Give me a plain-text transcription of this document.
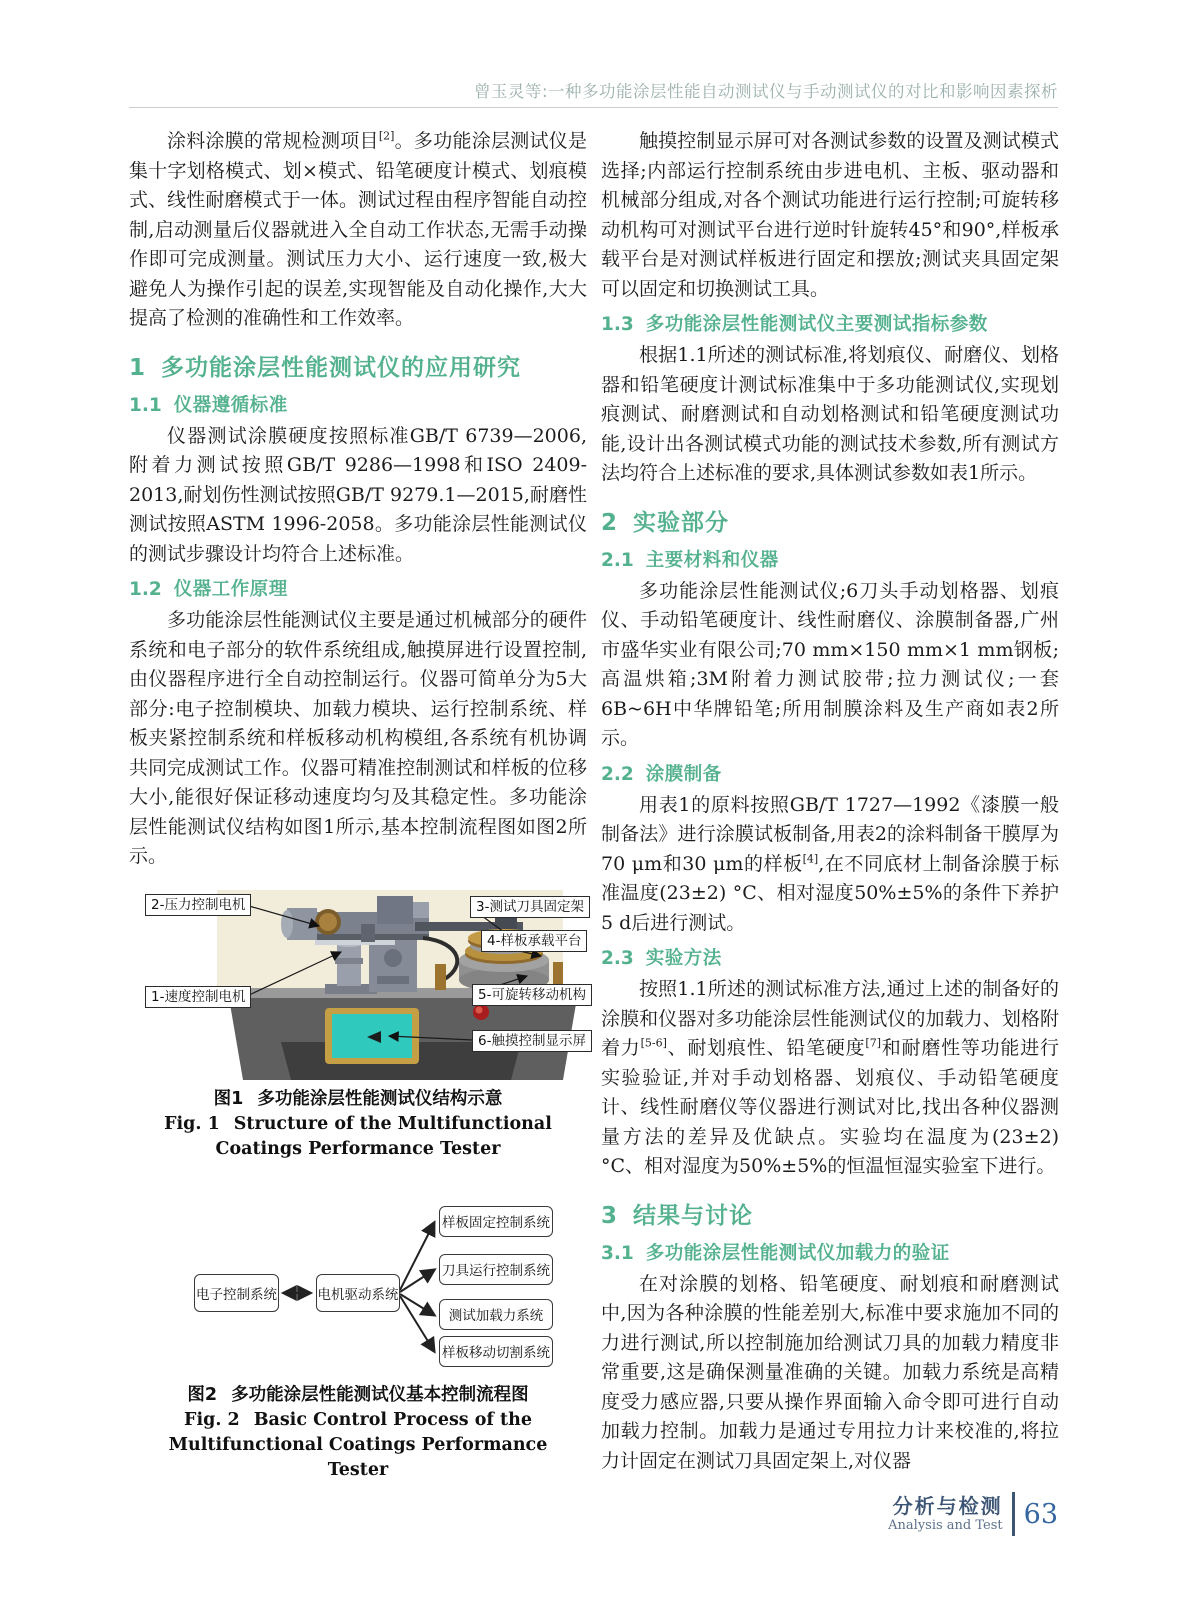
曾玉灵等:一种多功能涂层性能自动测试仪与手动测试仪的对比和影响因素探析

涂料涂膜的常规检测项目[2]。多功能涂层测试仪是集十字划格模式、划×模式、铅笔硬度计模式、划痕模式、线性耐磨模式于一体。测试过程由程序智能自动控制,启动测量后仪器就进入全自动工作状态,无需手动操作即可完成测量。测试压力大小、运行速度一致,极大避免人为操作引起的误差,实现智能及自动化操作,大大提高了检测的准确性和工作效率。

1 多功能涂层性能测试仪的应用研究
1.1 仪器遵循标准

仪器测试涂膜硬度按照标准GB/T 6739—2006,附着力测试按照GB/T 9286—1998和ISO 2409-2013,耐划伤性测试按照GB/T 9279.1—2015,耐磨性测试按照ASTM 1996-2058。多功能涂层性能测试仪的测试步骤设计均符合上述标准。

1.2 仪器工作原理

多功能涂层性能测试仪主要是通过机械部分的硬件系统和电子部分的软件系统组成,触摸屏进行设置控制,由仪器程序进行全自动控制运行。仪器可简单分为5大部分:电子控制模块、加载力模块、运行控制系统、样板夹紧控制系统和样板移动机构模组,各系统有机协调共同完成测试工作。仪器可精准控制测试和样板的位移大小,能很好保证移动速度均匀及其稳定性。多功能涂层性能测试仪结构如图1所示,基本控制流程图如图2所示。

2-压力控制电机
1-速度控制电机
3-测试刀具固定架
4-样板承载平台
5-可旋转移动机构
6-触摸控制显示屏
图1 多功能涂层性能测试仪结构示意
Fig. 1 Structure of the Multifunctional Coatings Performance Tester
电子控制系统	电机驱动系统
样板固定控制系统
刀具运行控制系统
测试加载力系统
样板移动切割系统
图2 多功能涂层性能测试仪基本控制流程图
Fig. 2 Basic Control Process of the Multifunctional Coatings Performance Tester

触摸控制显示屏可对各测试参数的设置及测试模式选择;内部运行控制系统由步进电机、主板、驱动器和机械部分组成,对各个测试功能进行运行控制;可旋转移动机构可对测试平台进行逆时针旋转45°和90°,样板承载平台是对测试样板进行固定和摆放;测试夹具固定架可以固定和切换测试工具。

1.3 多功能涂层性能测试仪主要测试指标参数

根据1.1所述的测试标准,将划痕仪、耐磨仪、划格器和铅笔硬度计测试标准集中于多功能测试仪,实现划痕测试、耐磨测试和自动划格测试和铅笔硬度测试功能,设计出各测试模式功能的测试技术参数,所有测试方法均符合上述标准的要求,具体测试参数如表1所示。

2 实验部分
2.1 主要材料和仪器

多功能涂层性能测试仪;6刀头手动划格器、划痕仪、手动铅笔硬度计、线性耐磨仪、涂膜制备器,广州市盛华实业有限公司;70 mm×150 mm×1 mm钢板;高温烘箱;3M附着力测试胶带;拉力测试仪;一套6B~6H中华牌铅笔;所用制膜涂料及生产商如表2所示。

2.2 涂膜制备

用表1的原料按照GB/T 1727—1992《漆膜一般制备法》进行涂膜试板制备,用表2的涂料制备干膜厚为70 μm和30 μm的样板[4],在不同底材上制备涂膜于标准温度(23±2) °C、相对湿度50%±5%的条件下养护5 d后进行测试。

2.3 实验方法

按照1.1所述的测试标准方法,通过上述的制备好的涂膜和仪器对多功能涂层性能测试仪的加载力、划格附着力[5-6]、耐划痕性、铅笔硬度[7]和耐磨性等功能进行实验验证,并对手动划格器、划痕仪、手动铅笔硬度计、线性耐磨仪等仪器进行测试对比,找出各种仪器测量方法的差异及优缺点。实验均在温度为(23±2) °C、相对湿度为50%±5%的恒温恒湿实验室下进行。

3 结果与讨论
3.1 多功能涂层性能测试仪加载力的验证

在对涂膜的划格、铅笔硬度、耐划痕和耐磨测试中,因为各种涂膜的性能差别大,标准中要求施加不同的力进行测试,所以控制施加给测试刀具的加载力精度非常重要,这是确保测量准确的关键。加载力系统是高精度受力感应器,只要从操作界面输入命令即可进行自动加载力控制。加载力是通过专用拉力计来校准的,将拉力计固定在测试刀具固定架上,对仪器

分析与检测
Analysis and Test 63
